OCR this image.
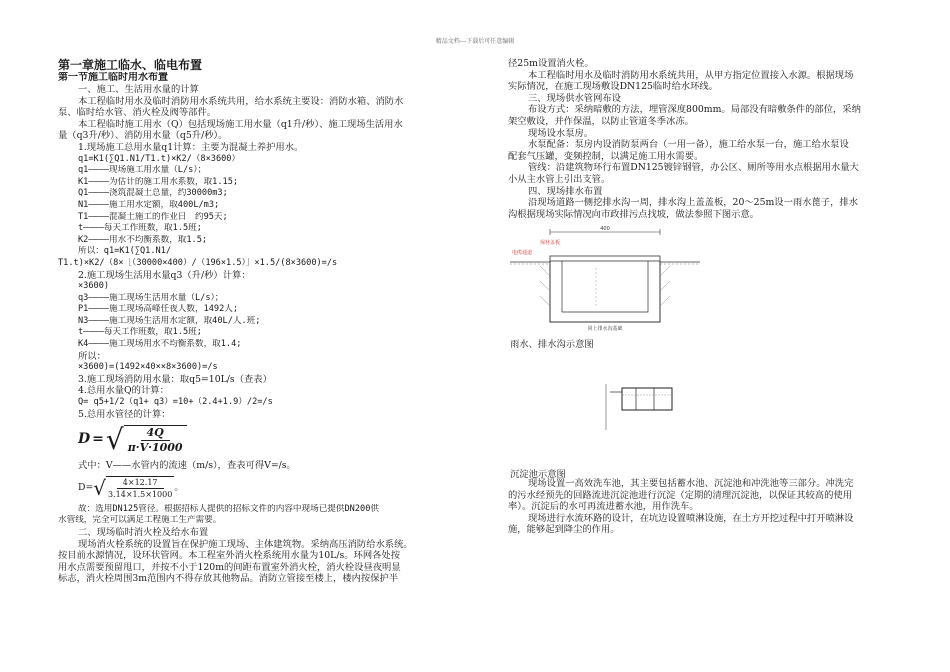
精品文档---下载后可任意编辑
第一章施工临水、临电布置
第一节施工临时用水布置
一、施工、生活用水量的计算
本工程临时用水及临时消防用水系统共用，给水系统主要设：消防水箱、消防水
泵、临时给水管、消火栓及阀等部件。
本工程临时施工用水（Q）包括现场施工用水量（q1升/秒）、施工现场生活用水
量（q3升/秒）、消防用水量（q5升/秒）。
1.现场施工总用水量q1计算：主要为混凝土养护用水。
q1=K1(∑Q1.N1/T1.t)×K2/（8×3600）
q1————现场施工用水量（L/s）；
K1————为估计的施工用水系数，取1.15;
Q1————浇筑混凝土总量，约30000m3;
N1————施工用水定额，取400L/m3;
T1————混凝土施工的作业日　约95天;
t————每天工作班数，取1.5班;
K2————用水不均衡系数，取1.5;
所以：q1=K1(∑Q1.N1/
T1.t)×K2/（8×［（30000×400）/（196×1.5）］×1.5/(8×3600)=/s
2.施工现场生活用水量q3（升/秒）计算：
×3600)
q3————施工现场生活用水量（L/s）；
P1————施工现场高峰任夜人数，1492人;
N3————施工现场生活用水定额，取40L/人.班;
t————每天工作班数，取1.5班;
K4————施工现场用水不均衡系数，取1.4;
所以：
×3600)=(1492×40××8×3600)=/s
3.施工现场消防用水量：取q5=10L/s（查表）
4.总用水量Q的计算：
Q= q5+1/2（q1+ q3）=10+（2.4+1.9）/2=/s
5.总用水管径的计算：
D = √ $\frac{4Q}{\pi\cdot V\cdot 1000}$
式中：V——水管内的流速（m/s），查表可得V=/s。
D= √ $\frac{4\times 12.17}{3.14\times 1.5\times 1000}$ 。
故：选用DN125管径。根据招标人提供的招标文件的内容中现场已提供DN200供
水管线，完全可以满足工程施工生产需要。
二、现场临时消火栓及给水布置
现场消火栓系统的设置旨在保护施工现场、主体建筑物。采纳高压消防给水系统。
按目前水源情况，设环状管网。本工程室外消火栓系统用水量为10L/s。环网各处按
用水点需要预留甩口，并按不小于120m的间距布置室外消火栓，消火栓设昼夜明显
标志，消火栓周围3m范围内不得存放其他物品。消防立管接至楼上，楼内按保护半
径25m设置消火栓。
本工程临时用水及临时消防用水系统共用，从甲方指定位置接入水源。根据现场
实际情况，在施工现场敷设DN125临时给水环线。
三、现场供水管网布设
布设方式：采纳暗敷的方法，埋管深度800mm。局部没有暗敷条件的部位，采纳
架空敷设，并作保温，以防止管道冬季冰冻。
现场设水泵房。
水泵配备：泵房内设消防泵两台（一用一备），施工给水泵一台，施工给水泵设
配套气压罐，变频控制，以满足施工用水需要。
管线：沿建筑物环行布置DN125镀锌钢管，办公区、厕所等用水点根据用水量大
小从主水管上引出支管。
四、现场排水布置
沿现场道路一侧挖排水沟一周，排水沟上盖盖板，20～25m设一雨水蓖子，排水
沟根据现场实际情况向市政排污点找坡，做法参照下图示意。
400
保材盖板
电缆通道
同上排水沟基础
雨水、排水沟示意图
沉淀池示意图
现场设置一高效洗车池，其主要包括蓄水池、沉淀池和冲洗池等三部分。冲洗完
的污水经预先的回路流进沉淀池进行沉淀（定期的清理沉淀池，以保证其较高的使用
率）。沉淀后的水可再流进蓄水池，用作洗车。
现场进行水流环路的设计，在坑边设置喷淋设施，在土方开挖过程中打开喷淋设
施，能够起到降尘的作用。
